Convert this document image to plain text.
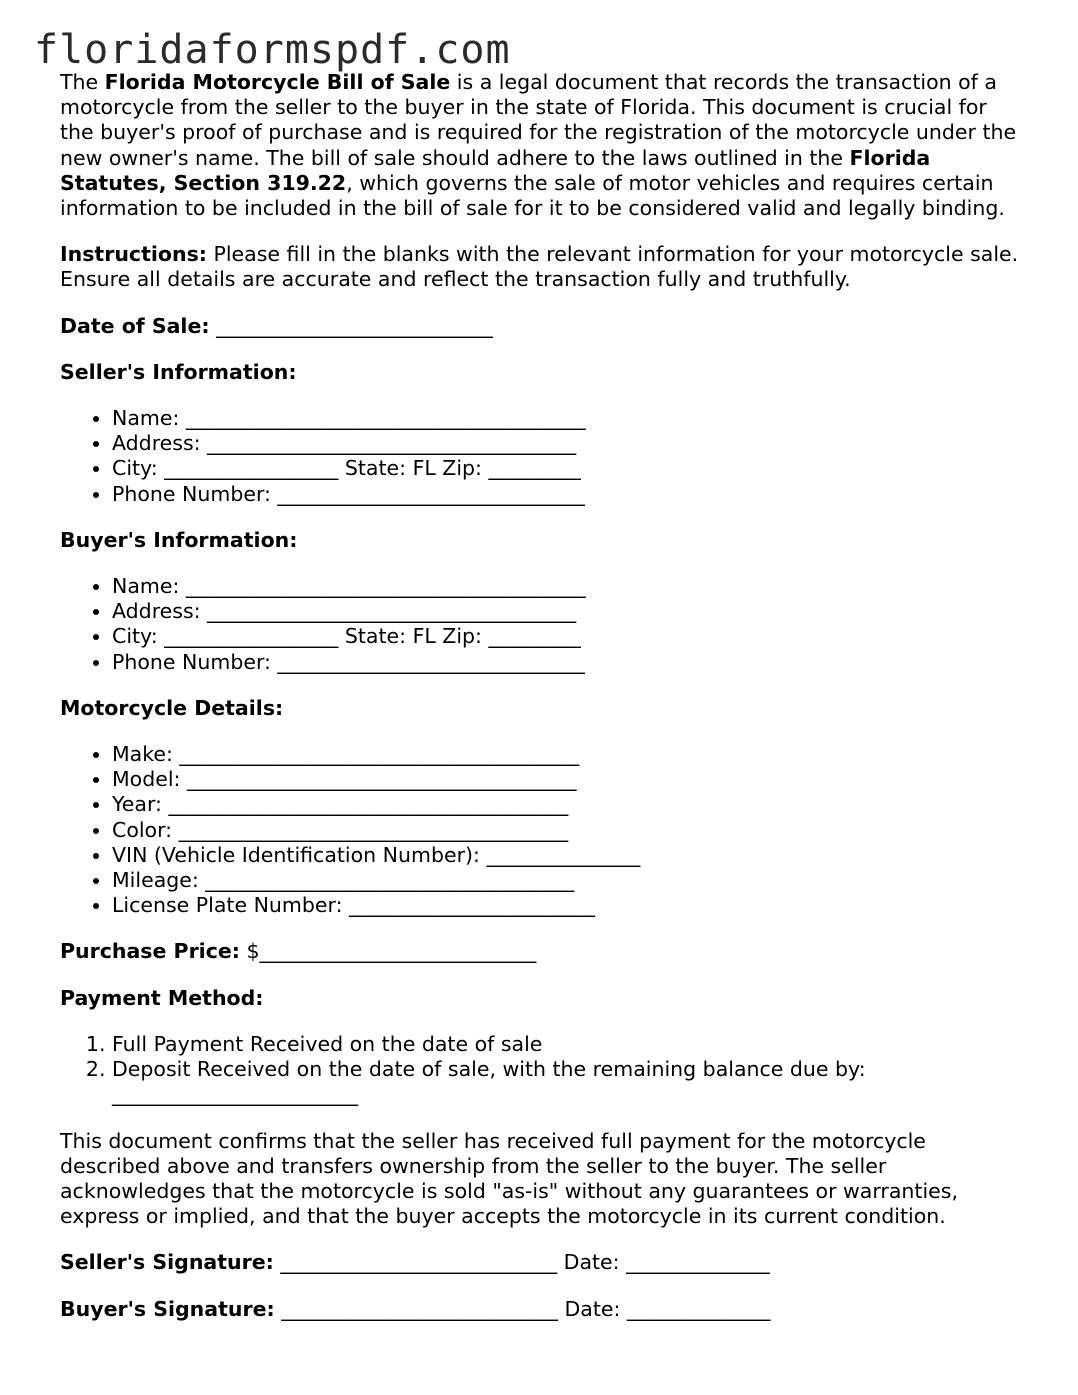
floridaformspdf.com

The Florida Motorcycle Bill of Sale is a legal document that records the transaction of a motorcycle from the seller to the buyer in the state of Florida. This document is crucial for the buyer's proof of purchase and is required for the registration of the motorcycle under the new owner's name. The bill of sale should adhere to the laws outlined in the Florida Statutes, Section 319.22, which governs the sale of motor vehicles and requires certain information to be included in the bill of sale for it to be considered valid and legally binding.

Instructions: Please fill in the blanks with the relevant information for your motorcycle sale. Ensure all details are accurate and reflect the transaction fully and truthfully.

Date of Sale: ___________________________

Seller's Information:

• Name: _______________________________________
• Address: ____________________________________
• City: _________________ State: FL Zip: _________
• Phone Number: ______________________________

Buyer's Information:

• Name: _______________________________________
• Address: ____________________________________
• City: _________________ State: FL Zip: _________
• Phone Number: ______________________________

Motorcycle Details:

• Make: _______________________________________
• Model: ______________________________________
• Year: _______________________________________
• Color: ______________________________________
• VIN (Vehicle Identification Number): _______________
• Mileage: ____________________________________
• License Plate Number: ________________________

Purchase Price: $___________________________

Payment Method:

1. Full Payment Received on the date of sale
2. Deposit Received on the date of sale, with the remaining balance due by:
________________________

This document confirms that the seller has received full payment for the motorcycle described above and transfers ownership from the seller to the buyer. The seller acknowledges that the motorcycle is sold "as-is" without any guarantees or warranties, express or implied, and that the buyer accepts the motorcycle in its current condition.

Seller's Signature: ___________________________ Date: ______________

Buyer's Signature: ___________________________ Date: ______________
